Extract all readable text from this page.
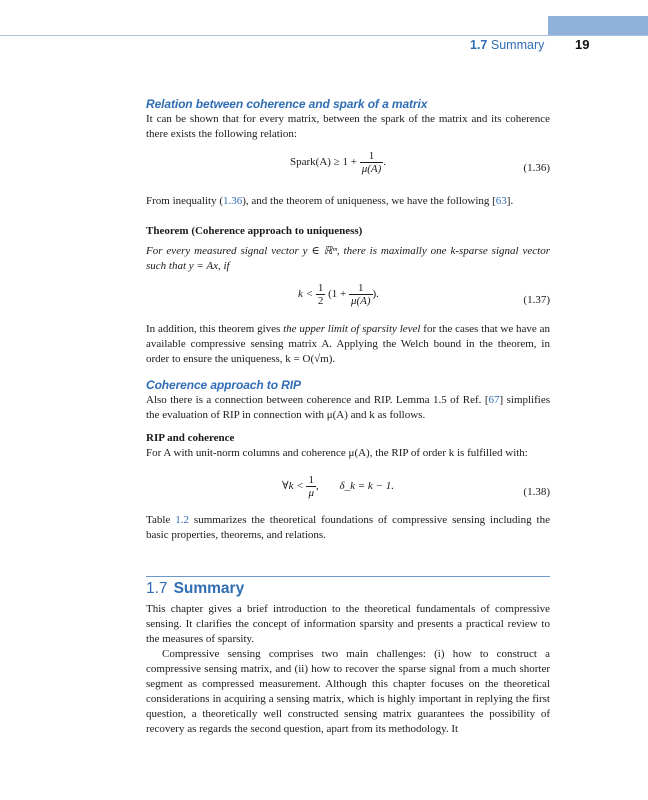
1.7 Summary 19
Relation between coherence and spark of a matrix
It can be shown that for every matrix, between the spark of the matrix and its coherence there exists the following relation:
Spark(A) ≥ $1 + \frac{1}{\mu(A)}$ .	(1.36)
From inequality (1.36), and the theorem of uniqueness, we have the following [63].
Theorem (Coherence approach to uniqueness)
For every measured signal vector y ∈ ℝᵐ, there is maximally one k-sparse signal vector such that y = Ax, if
$k < \frac{1}{2} (1 + \frac{1}{\mu(A)}$ ).	(1.37)
In addition, this theorem gives the upper limit of sparsity level for the cases that we have an available compressive sensing matrix A. Applying the Welch bound in the theorem, in order to ensure the uniqueness, k = O(√m).
Coherence approach to RIP
Also there is a connection between coherence and RIP. Lemma 1.5 of Ref. [67] simplifies the evaluation of RIP in connection with μ(A) and k as follows.
RIP and coherence
For A with unit-norm columns and coherence μ(A), the RIP of order k is fulfilled with:
∀k < $\frac{1}{\mu}$ , δ_k = k − 1.	(1.38)
Table 1.2 summarizes the theoretical foundations of compressive sensing including the basic properties, theorems, and relations.
1.7 Summary
This chapter gives a brief introduction to the theoretical fundamentals of compressive sensing. It clarifies the concept of information sparsity and presents a practical review to the measures of sparsity.
Compressive sensing comprises two main challenges: (i) how to construct a compressive sensing matrix, and (ii) how to recover the sparse signal from a much shorter segment as compressed measurement. Although this chapter focuses on the theoretical considerations in acquiring a sensing matrix, which is highly important in replying the first question, a theoretically well constructed sensing matrix guarantees the possibility of recovery as regards the second question, apart from its methodology. It
